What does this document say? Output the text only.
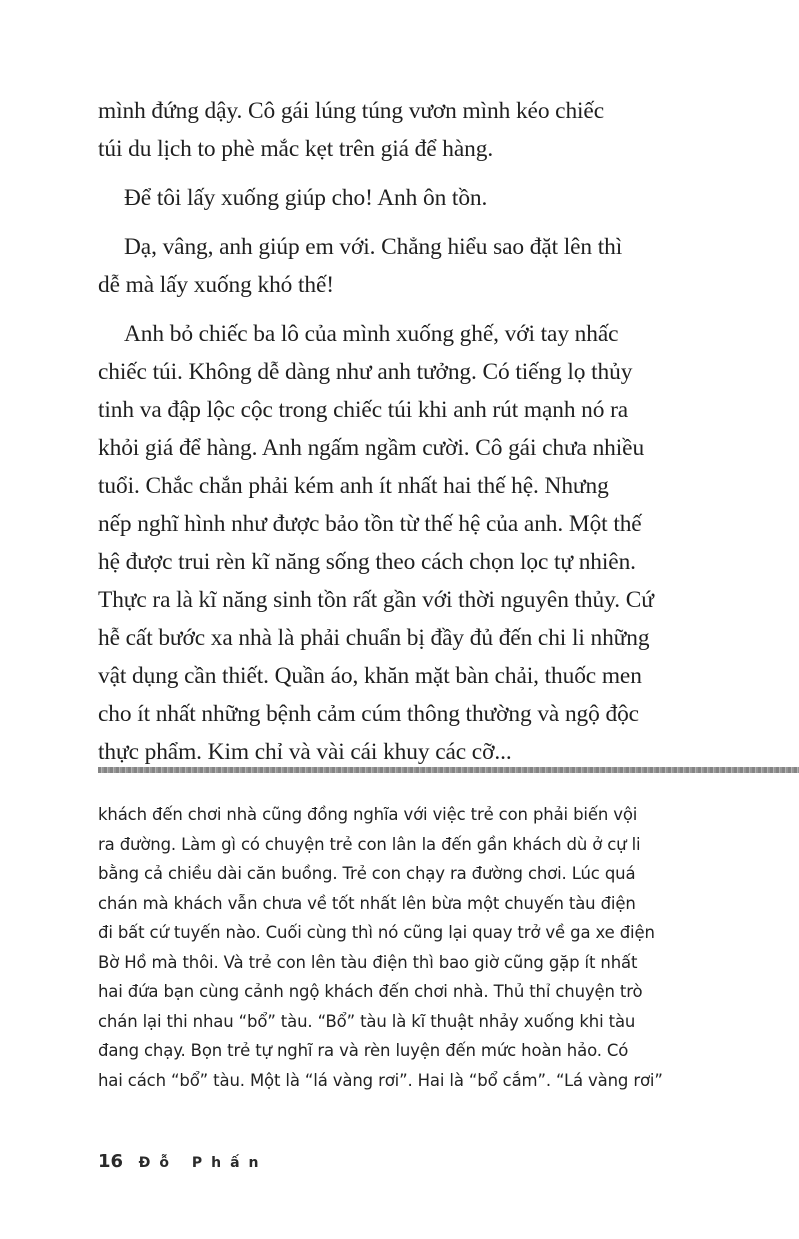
mình đứng dậy. Cô gái lúng túng vươn mình kéo chiếc
túi du lịch to phè mắc kẹt trên giá để hàng.

Để tôi lấy xuống giúp cho! Anh ôn tồn.

Dạ, vâng, anh giúp em với. Chẳng hiểu sao đặt lên thì
dễ mà lấy xuống khó thế!

Anh bỏ chiếc ba lô của mình xuống ghế, với tay nhấc
chiếc túi. Không dễ dàng như anh tưởng. Có tiếng lọ thủy
tinh va đập lộc cộc trong chiếc túi khi anh rút mạnh nó ra
khỏi giá để hàng. Anh ngấm ngầm cười. Cô gái chưa nhiều
tuổi. Chắc chắn phải kém anh ít nhất hai thế hệ. Nhưng
nếp nghĩ hình như được bảo tồn từ thế hệ của anh. Một thế
hệ được trui rèn kĩ năng sống theo cách chọn lọc tự nhiên.
Thực ra là kĩ năng sinh tồn rất gần với thời nguyên thủy. Cứ
hễ cất bước xa nhà là phải chuẩn bị đầy đủ đến chi li những
vật dụng cần thiết. Quần áo, khăn mặt bàn chải, thuốc men
cho ít nhất những bệnh cảm cúm thông thường và ngộ độc
thực phẩm. Kim chỉ và vài cái khuy các cỡ...

khách đến chơi nhà cũng đồng nghĩa với việc trẻ con phải biến vội
ra đường. Làm gì có chuyện trẻ con lân la đến gần khách dù ở cự li
bằng cả chiều dài căn buồng. Trẻ con chạy ra đường chơi. Lúc quá
chán mà khách vẫn chưa về tốt nhất lên bừa một chuyến tàu điện
đi bất cứ tuyến nào. Cuối cùng thì nó cũng lại quay trở về ga xe điện
Bờ Hồ mà thôi. Và trẻ con lên tàu điện thì bao giờ cũng gặp ít nhất
hai đứa bạn cùng cảnh ngộ khách đến chơi nhà. Thủ thỉ chuyện trò
chán lại thi nhau “bổ” tàu. “Bổ” tàu là kĩ thuật nhảy xuống khi tàu
đang chạy. Bọn trẻ tự nghĩ ra và rèn luyện đến mức hoàn hảo. Có
hai cách “bổ” tàu. Một là “lá vàng rơi”. Hai là “bổ cắm”. “Lá vàng rơi”
16 Đỗ Phấn
